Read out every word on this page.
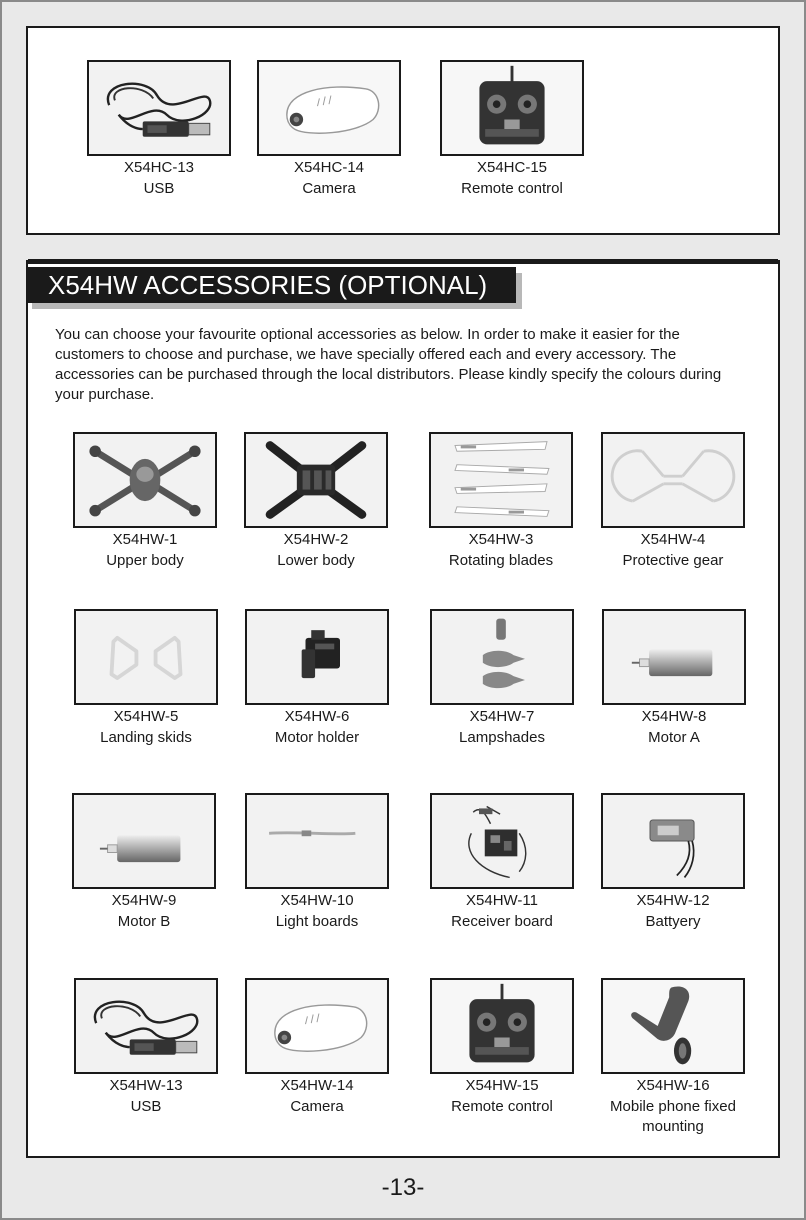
X54HC-13
USB
X54HC-14
Camera
X54HC-15
Remote control
X54HW ACCESSORIES (OPTIONAL)

You can choose your favourite optional accessories as below. In order to make it easier for the customers to choose and purchase, we have specially offered each and every accessory. The accessories can be purchased through the local distributors. Please kindly specify the colours during your purchase.

X54HW-1
Upper body
X54HW-2
Lower body
X54HW-3
Rotating blades
X54HW-4
Protective gear
X54HW-5
Landing skids
X54HW-6
Motor holder
X54HW-7
Lampshades
X54HW-8
Motor A
X54HW-9
Motor B
X54HW-10
Light boards
X54HW-11
Receiver board
X54HW-12
Battyery
X54HW-13
USB
X54HW-14
Camera
X54HW-15
Remote control
X54HW-16
Mobile phone fixed mounting
-13-
